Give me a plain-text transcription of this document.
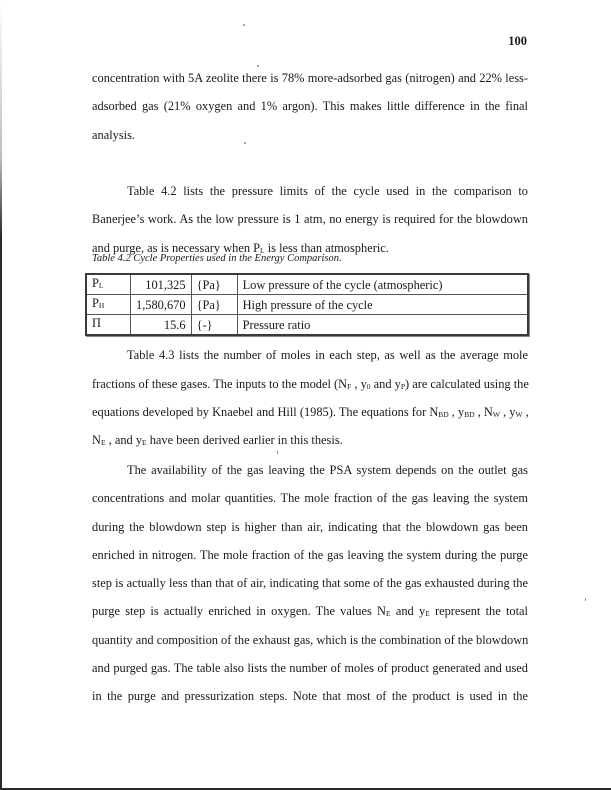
100
concentration with 5A zeolite there is 78% more-adsorbed gas (nitrogen) and 22% less-
adsorbed gas (21% oxygen and 1% argon). This makes little difference in the final
analysis.
Table 4.2 lists the pressure limits of the cycle used in the comparison to
Banerjee’s work. As the low pressure is 1 atm, no energy is required for the blowdown
and purge, as is necessary when $P_L$ is less than atmospheric.
Table 4.2 Cycle Properties used in the Energy Comparison.
$P_L$	101,325	{Pa}	Low pressure of the cycle (atmospheric)
$P_H$	1,580,670	{Pa}	High pressure of the cycle
Π	15.6	{-}	Pressure ratio
Table 4.3 lists the number of moles in each step, as well as the average mole
fractions of these gases. The inputs to the model ($N_F$ , $y_0$ and $y_P$) are calculated using the
equations developed by Knaebel and Hill (1985). The equations for $N_{BD}$ , $y_{BD}$ , $N_W$ , $y_W$ ,
$N_E$ , and $y_E$ have been derived earlier in this thesis.
The availability of the gas leaving the PSA system depends on the outlet gas
concentrations and molar quantities. The mole fraction of the gas leaving the system
during the blowdown step is higher than air, indicating that the blowdown gas been
enriched in nitrogen. The mole fraction of the gas leaving the system during the purge
step is actually less than that of air, indicating that some of the gas exhausted during the
purge step is actually enriched in oxygen. The values $N_E$ and $y_E$ represent the total
quantity and composition of the exhaust gas, which is the combination of the blowdown
and purged gas. The table also lists the number of moles of product generated and used
in the purge and pressurization steps. Note that most of the product is used in the
